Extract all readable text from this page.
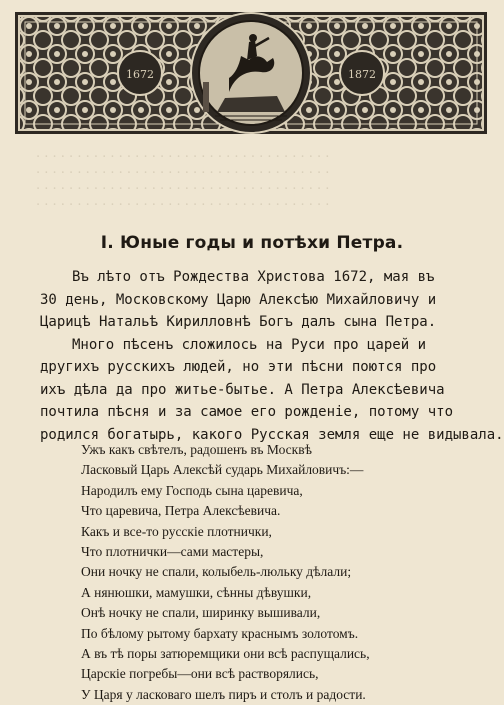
1672	1872
. . . . . . . . . . . . . . . . . . . . . . . . . . . . . . . . . . . .
. . . . . . . . . . . . . . . . . . . . . . . . . . . . . . . . . . . .
. . . . . . . . . . . . . . . . . . . . . . . . . . . . . . . . . . . .
. . . . . . . . . . . . . . . . . . . . . . . . . . . . . . . . . . . .
I. Юные годы и потѣхи Петра.
Въ лѣто отъ Рождества Христова 1672, мая въ
30 день, Московскому Царю Алексѣю Михайловичу и
Царицѣ Натальѣ Кирилловнѣ Богъ далъ сына Петра.
Много пѣсенъ сложилось на Руси про царей и
другихъ русскихъ людей, но эти пѣсни поются про
ихъ дѣла да про житье-бытье. А Петра Алексѣевича
почтила пѣсня и за самое его рожденіе, потому что
родился богатырь, какого Русская земля еще не видывала.
Ужъ какъ свѣтелъ, радошенъ въ Москвѣ
Ласковый Царь Алексѣй сударь Михайловичъ:—
Народилъ ему Господь сына царевича,
Что царевича, Петра Алексѣевича.
Какъ и все-то русскіе плотнички,
Что плотнички—сами мастеры,
Они ночку не спали, колыбель-люльку дѣлали;
А нянюшки, мамушки, сѣнны дѣвушки,
Онѣ ночку не спали, ширинку вышивали,
По бѣлому рытому бархату краснымъ золотомъ.
А въ тѣ поры затюремщики они всѣ распущались,
Царскіе погребы—они всѣ растворялись,
У Царя у ласковаго шелъ пиръ и столъ и радости.
